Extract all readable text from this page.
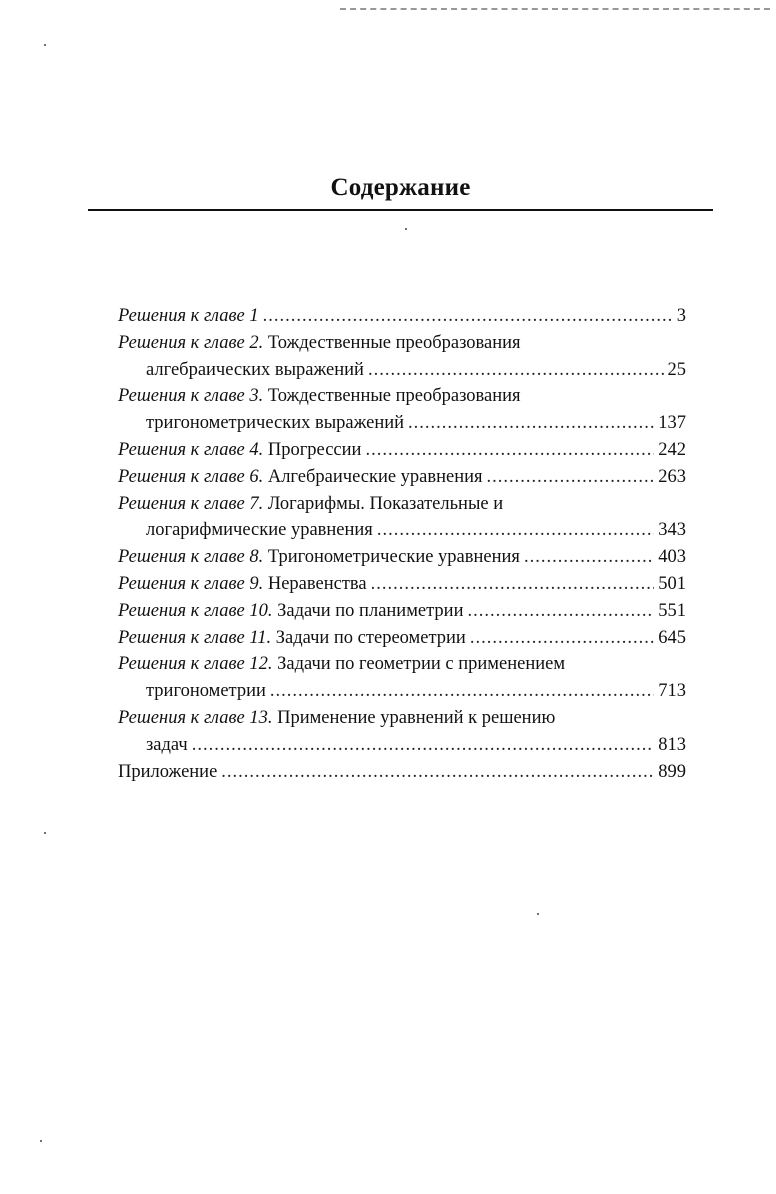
Содержание
Решения к главе 1 .....	3
Решения к главе 2 . Тождественные преобразования
алгебраических выражений .....	25
Решения к главе 3 . Тождественные преобразования
тригонометрических выражений .....	137
Решения к главе 4 . Прогрессии .....	242
Решения к главе 6 . Алгебраические уравнения .....	263
Решения к главе 7 . Логарифмы. Показательные и
логарифмические уравнения .....	343
Решения к главе 8 . Тригонометрические уравнения .....	403
Решения к главе 9 . Неравенства .....	501
Решения к главе 10 . Задачи по планиметрии .....	551
Решения к главе 11 . Задачи по стереометрии .....	645
Решения к главе 12 . Задачи по геометрии с применением
тригонометрии .....	713
Решения к главе 13 . Применение уравнений к решению
задач .....	813
Приложение .....	899
